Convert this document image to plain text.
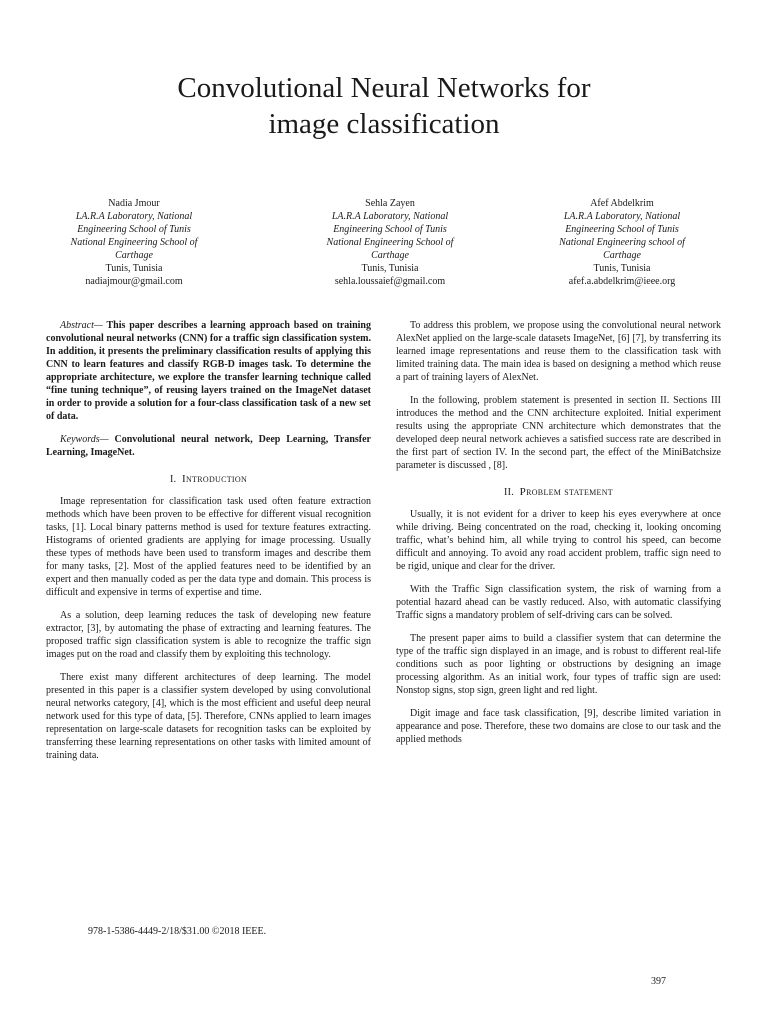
Convolutional Neural Networks for
image classification
Nadia Jmour
LA.R.A Laboratory, National
Engineering School of Tunis
National Engineering School of
Carthage
Tunis, Tunisia
nadiajmour@gmail.com
Sehla Zayen
LA.R.A Laboratory, National
Engineering School of Tunis
National Engineering School of
Carthage
Tunis, Tunisia
sehla.loussaief@gmail.com
Afef Abdelkrim
LA.R.A Laboratory, National
Engineering School of Tunis
National Engineering school of
Carthage
Tunis, Tunisia
afef.a.abdelkrim@ieee.org

Abstract— This paper describes a learning approach based on training convolutional neural networks (CNN) for a traffic sign classification system. In addition, it presents the preliminary classification results of applying this CNN to learn features and classify RGB-D images task. To determine the appropriate architecture, we explore the transfer learning technique called “fine tuning technique”, of reusing layers trained on the ImageNet dataset in order to provide a solution for a four-class classification task of a new set of data.

Keywords— Convolutional neural network, Deep Learning, Transfer Learning, ImageNet.

I. Introduction

Image representation for classification task used often feature extraction methods which have been proven to be effective for different visual recognition tasks, [1]. Local binary patterns method is used for texture features extracting. Histograms of oriented gradients are applying for image processing. Usually these types of methods have been used to transform images and describe them for many tasks, [2]. Most of the applied features need to be identified by an expert and then manually coded as per the data type and domain. This process is difficult and expensive in terms of expertise and time.

As a solution, deep learning reduces the task of developing new feature extractor, [3], by automating the phase of extracting and learning features. The proposed traffic sign classification system is able to recognize the traffic sign images put on the road and classify them by exploiting this technology.

There exist many different architectures of deep learning. The model presented in this paper is a classifier system developed by using convolutional neural networks category, [4], which is the most efficient and useful deep neural network used for this type of data, [5]. Therefore, CNNs applied to learn images representation on large-scale datasets for recognition tasks can be exploited by transferring these learning representations on other tasks with limited amount of training data.

To address this problem, we propose using the convolutional neural network AlexNet applied on the large-scale datasets ImageNet, [6] [7], by transferring its learned image representations and reuse them to the classification task with limited training data. The main idea is based on designing a method which reuse a part of training layers of AlexNet.

In the following, problem statement is presented in section II. Sections III introduces the method and the CNN architecture exploited. Initial experiment results using the appropriate CNN architecture which demonstrates that the developed deep neural network achieves a satisfied success rate are described in the first part of section IV. In the second part, the effect of the MiniBatchsize parameter is discussed , [8].

II. Problem statement

Usually, it is not evident for a driver to keep his eyes everywhere at once while driving. Being concentrated on the road, checking it, looking oncoming traffic, what’s behind him, all while trying to control his speed, can become difficult and annoying. To avoid any road accident problem, traffic sign need to be rigid, unique and clear for the driver.

With the Traffic Sign classification system, the risk of warning from a potential hazard ahead can be vastly reduced. Also, with automatic classifying Traffic signs a mandatory problem of self-driving cars can be solved.

The present paper aims to build a classifier system that can determine the type of the traffic sign displayed in an image, and is robust to different real-life conditions such as poor lighting or obstructions by designing an image processing algorithm. As an initial work, four types of traffic sign are used: Nonstop signs, stop sign, green light and red light.

Digit image and face task classification, [9], describe limited variation in appearance and pose. Therefore, these two domains are close to our task and the applied methods

978-1-5386-4449-2/18/$31.00 ©2018 IEEE.
397
